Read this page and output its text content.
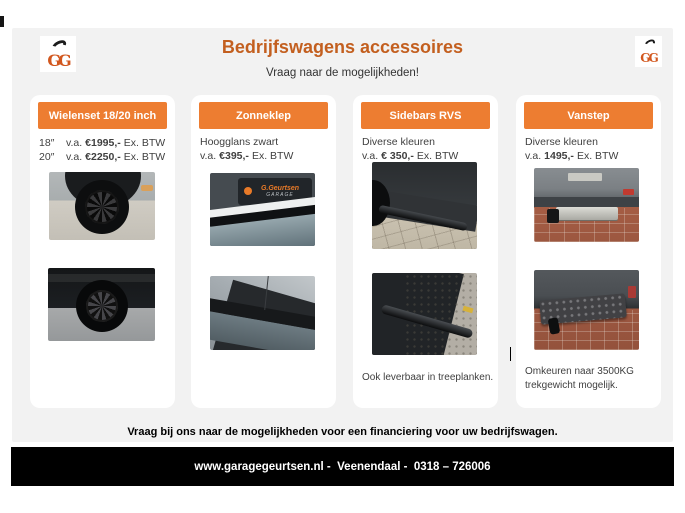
GG	GG
Bedrijfswagens accessoires
Vraag naar de mogelijkheden!
Wielenset 18/20 inch
18″	v.a. €1995,- Ex. BTW
20″	v.a. €2250,- Ex. BTW
Zonneklep
Hoogglans zwart
v.a. €395,- Ex. BTW
G.Geurtsen
GARAGE
Sidebars RVS
Diverse kleuren
v.a. € 350,- Ex. BTW
Ook leverbaar in treeplanken.
Vanstep
Diverse kleuren
v.a. 1495,- Ex. BTW
Omkeuren naar 3500KG trekgewicht mogelijk.
Vraag bij ons naar de mogelijkheden voor een financiering voor uw bedrijfswagen.
www.garagegeurtsen.nl -  Veenendaal -  0318 – 726006
